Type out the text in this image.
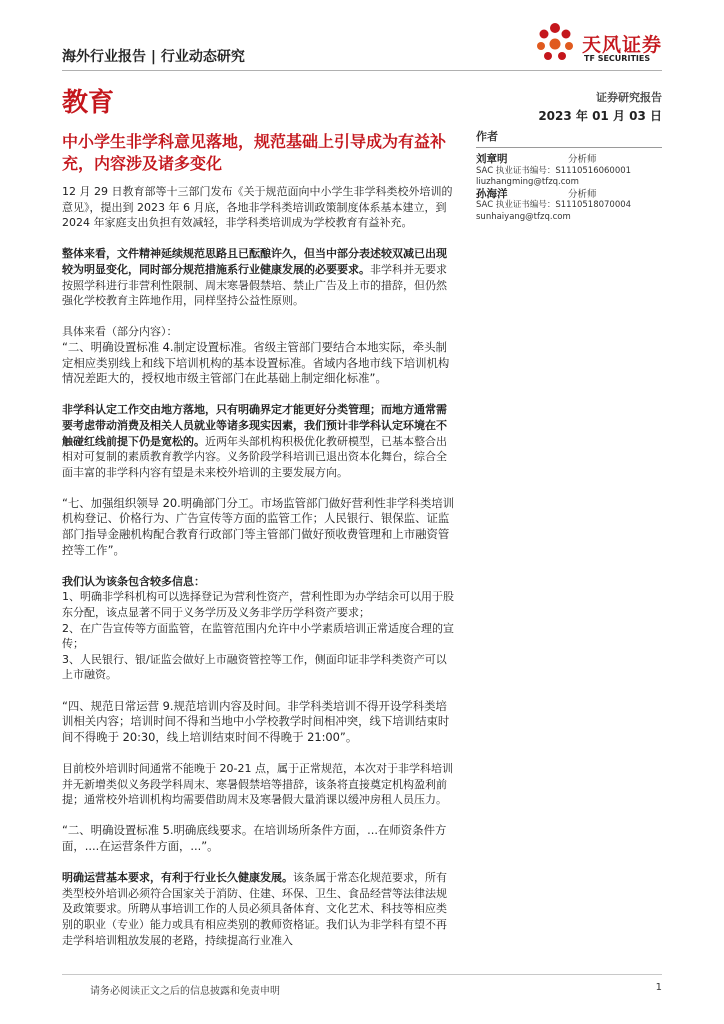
海外行业报告 | 行业动态研究
天风证券
TF SECURITIES
教育	证券研究报告
2023 年 01 月 03 日
中小学生非学科意见落地，规范基础上引导成为有益补充，内容涉及诸多变化

12 月 29 日教育部等十三部门发布《关于规范面向中小学生非学科类校外培训的意见》，提出到 2023 年 6 月底，各地非学科类培训政策制度体系基本建立，到 2024 年家庭支出负担有效减轻，非学科类培训成为学校教育有益补充。

整体来看，文件精神延续规范思路且已酝酿许久，但当中部分表述较双减已出现较为明显变化，同时部分规范措施系行业健康发展的必要要求。非学科并无要求按照学科进行非营利性限制、周末寒暑假禁培、禁止广告及上市的措辞，但仍然强化学校教育主阵地作用，同样坚持公益性原则。

具体来看（部分内容）：

“二、明确设置标准 4.制定设置标准。省级主管部门要结合本地实际，牵头制定相应类别线上和线下培训机构的基本设置标准。省域内各地市线下培训机构情况差距大的，授权地市级主管部门在此基础上制定细化标准”。

非学科认定工作交由地方落地，只有明确界定才能更好分类管理；而地方通常需要考虑带动消费及相关人员就业等诸多现实因素，我们预计非学科认定环境在不触碰红线前提下仍是宽松的。近两年头部机构积极优化教研模型，已基本整合出相对可复制的素质教育教学内容。义务阶段学科培训已退出资本化舞台，综合全面丰富的非学科内容有望是未来校外培训的主要发展方向。

“七、加强组织领导 20.明确部门分工。市场监管部门做好营利性非学科类培训机构登记、价格行为、广告宣传等方面的监管工作；人民银行、银保监、证监部门指导金融机构配合教育行政部门等主管部门做好预收费管理和上市融资管控等工作”。

我们认为该条包含较多信息：

1、明确非学科机构可以选择登记为营利性资产，营利性即为办学结余可以用于股东分配，该点显著不同于义务学历及义务非学历学科资产要求；

2、在广告宣传等方面监管，在监管范围内允许中小学素质培训正常适度合理的宣传；

3、人民银行、银/证监会做好上市融资管控等工作，侧面印证非学科类资产可以上市融资。

“四、规范日常运营 9.规范培训内容及时间。非学科类培训不得开设学科类培训相关内容；培训时间不得和当地中小学校教学时间相冲突，线下培训结束时间不得晚于 20:30，线上培训结束时间不得晚于 21:00”。

目前校外培训时间通常不能晚于 20-21 点，属于正常规范，本次对于非学科培训并无新增类似义务段学科周末、寒暑假禁培等措辞，该条将直接奠定机构盈利前提；通常校外培训机构均需要借助周末及寒暑假大量消课以缓冲房租人员压力。

“二、明确设置标准 5.明确底线要求。在培训场所条件方面，...在师资条件方面，....在运营条件方面，...”。

明确运营基本要求，有利于行业长久健康发展。该条属于常态化规范要求，所有类型校外培训必须符合国家关于消防、住建、环保、卫生、食品经营等法律法规及政策要求。所聘从事培训工作的人员必须具备体育、文化艺术、科技等相应类别的职业（专业）能力或具有相应类别的教师资格证。我们认为非学科有望不再走学科培训粗放发展的老路，持续提高行业准入

作者
刘章明	分析师
SAC 执业证书编号：S1110516060001
liuzhangming@tfzq.com
孙海洋	分析师
SAC 执业证书编号：S1110518070004
sunhaiyang@tfzq.com
请务必阅读正文之后的信息披露和免责申明	1
